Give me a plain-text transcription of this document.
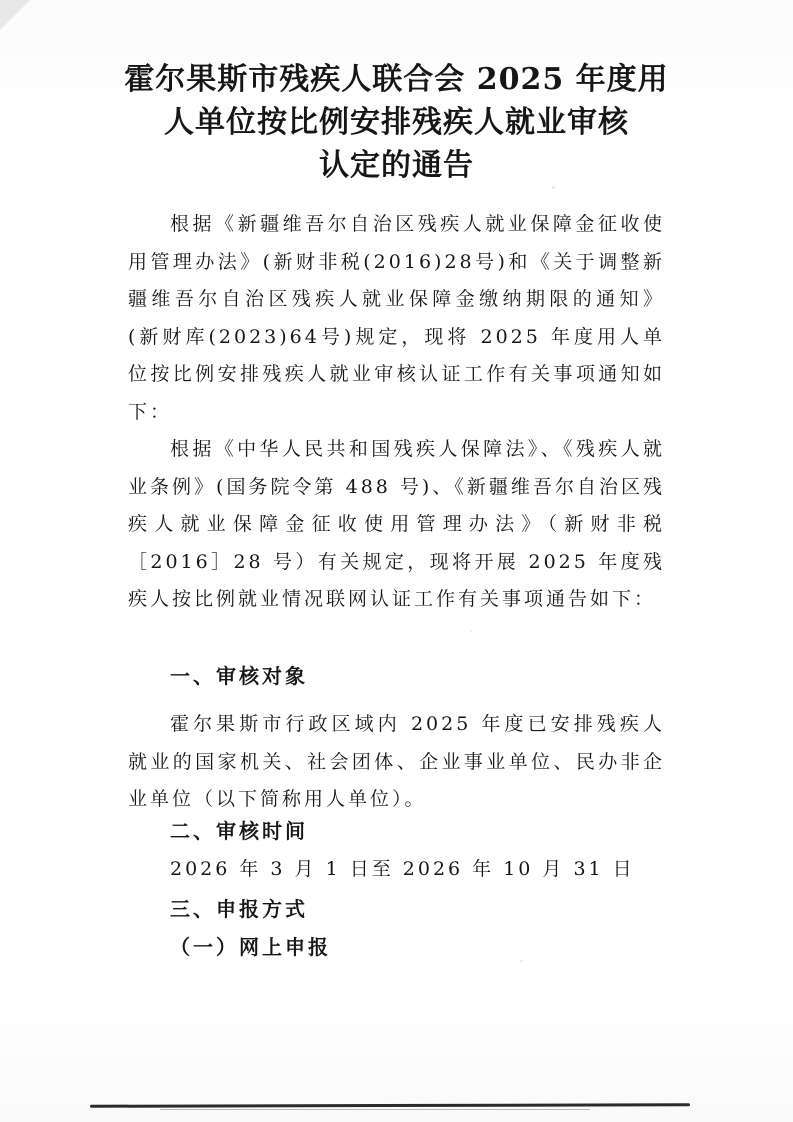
霍尔果斯市残疾人联合会 2025 年度用
人单位按比例安排残疾人就业审核
认定的通告
根据《新疆维吾尔自治区残疾人就业保障金征收使用管理办法》(新财非税(2016)28号)和《关于调整新疆维吾尔自治区残疾人就业保障金缴纳期限的通知》(新财库(2023)64号)规定，现将 2025 年度用人单位按比例安排残疾人就业审核认证工作有关事项通知如下：
根据《中华人民共和国残疾人保障法》、《残疾人就业条例》(国务院令第 488 号)、《新疆维吾尔自治区残疾人就业保障金征收使用管理办法》（新财非税［2016］28 号）有关规定，现将开展 2025 年度残疾人按比例就业情况联网认证工作有关事项通告如下：
一、审核对象
霍尔果斯市行政区域内 2025 年度已安排残疾人就业的国家机关、社会团体、企业事业单位、民办非企业单位（以下简称用人单位）。
二、审核时间
2026 年 3 月 1 日至 2026 年 10 月 31 日
三、申报方式
（一）网上申报
